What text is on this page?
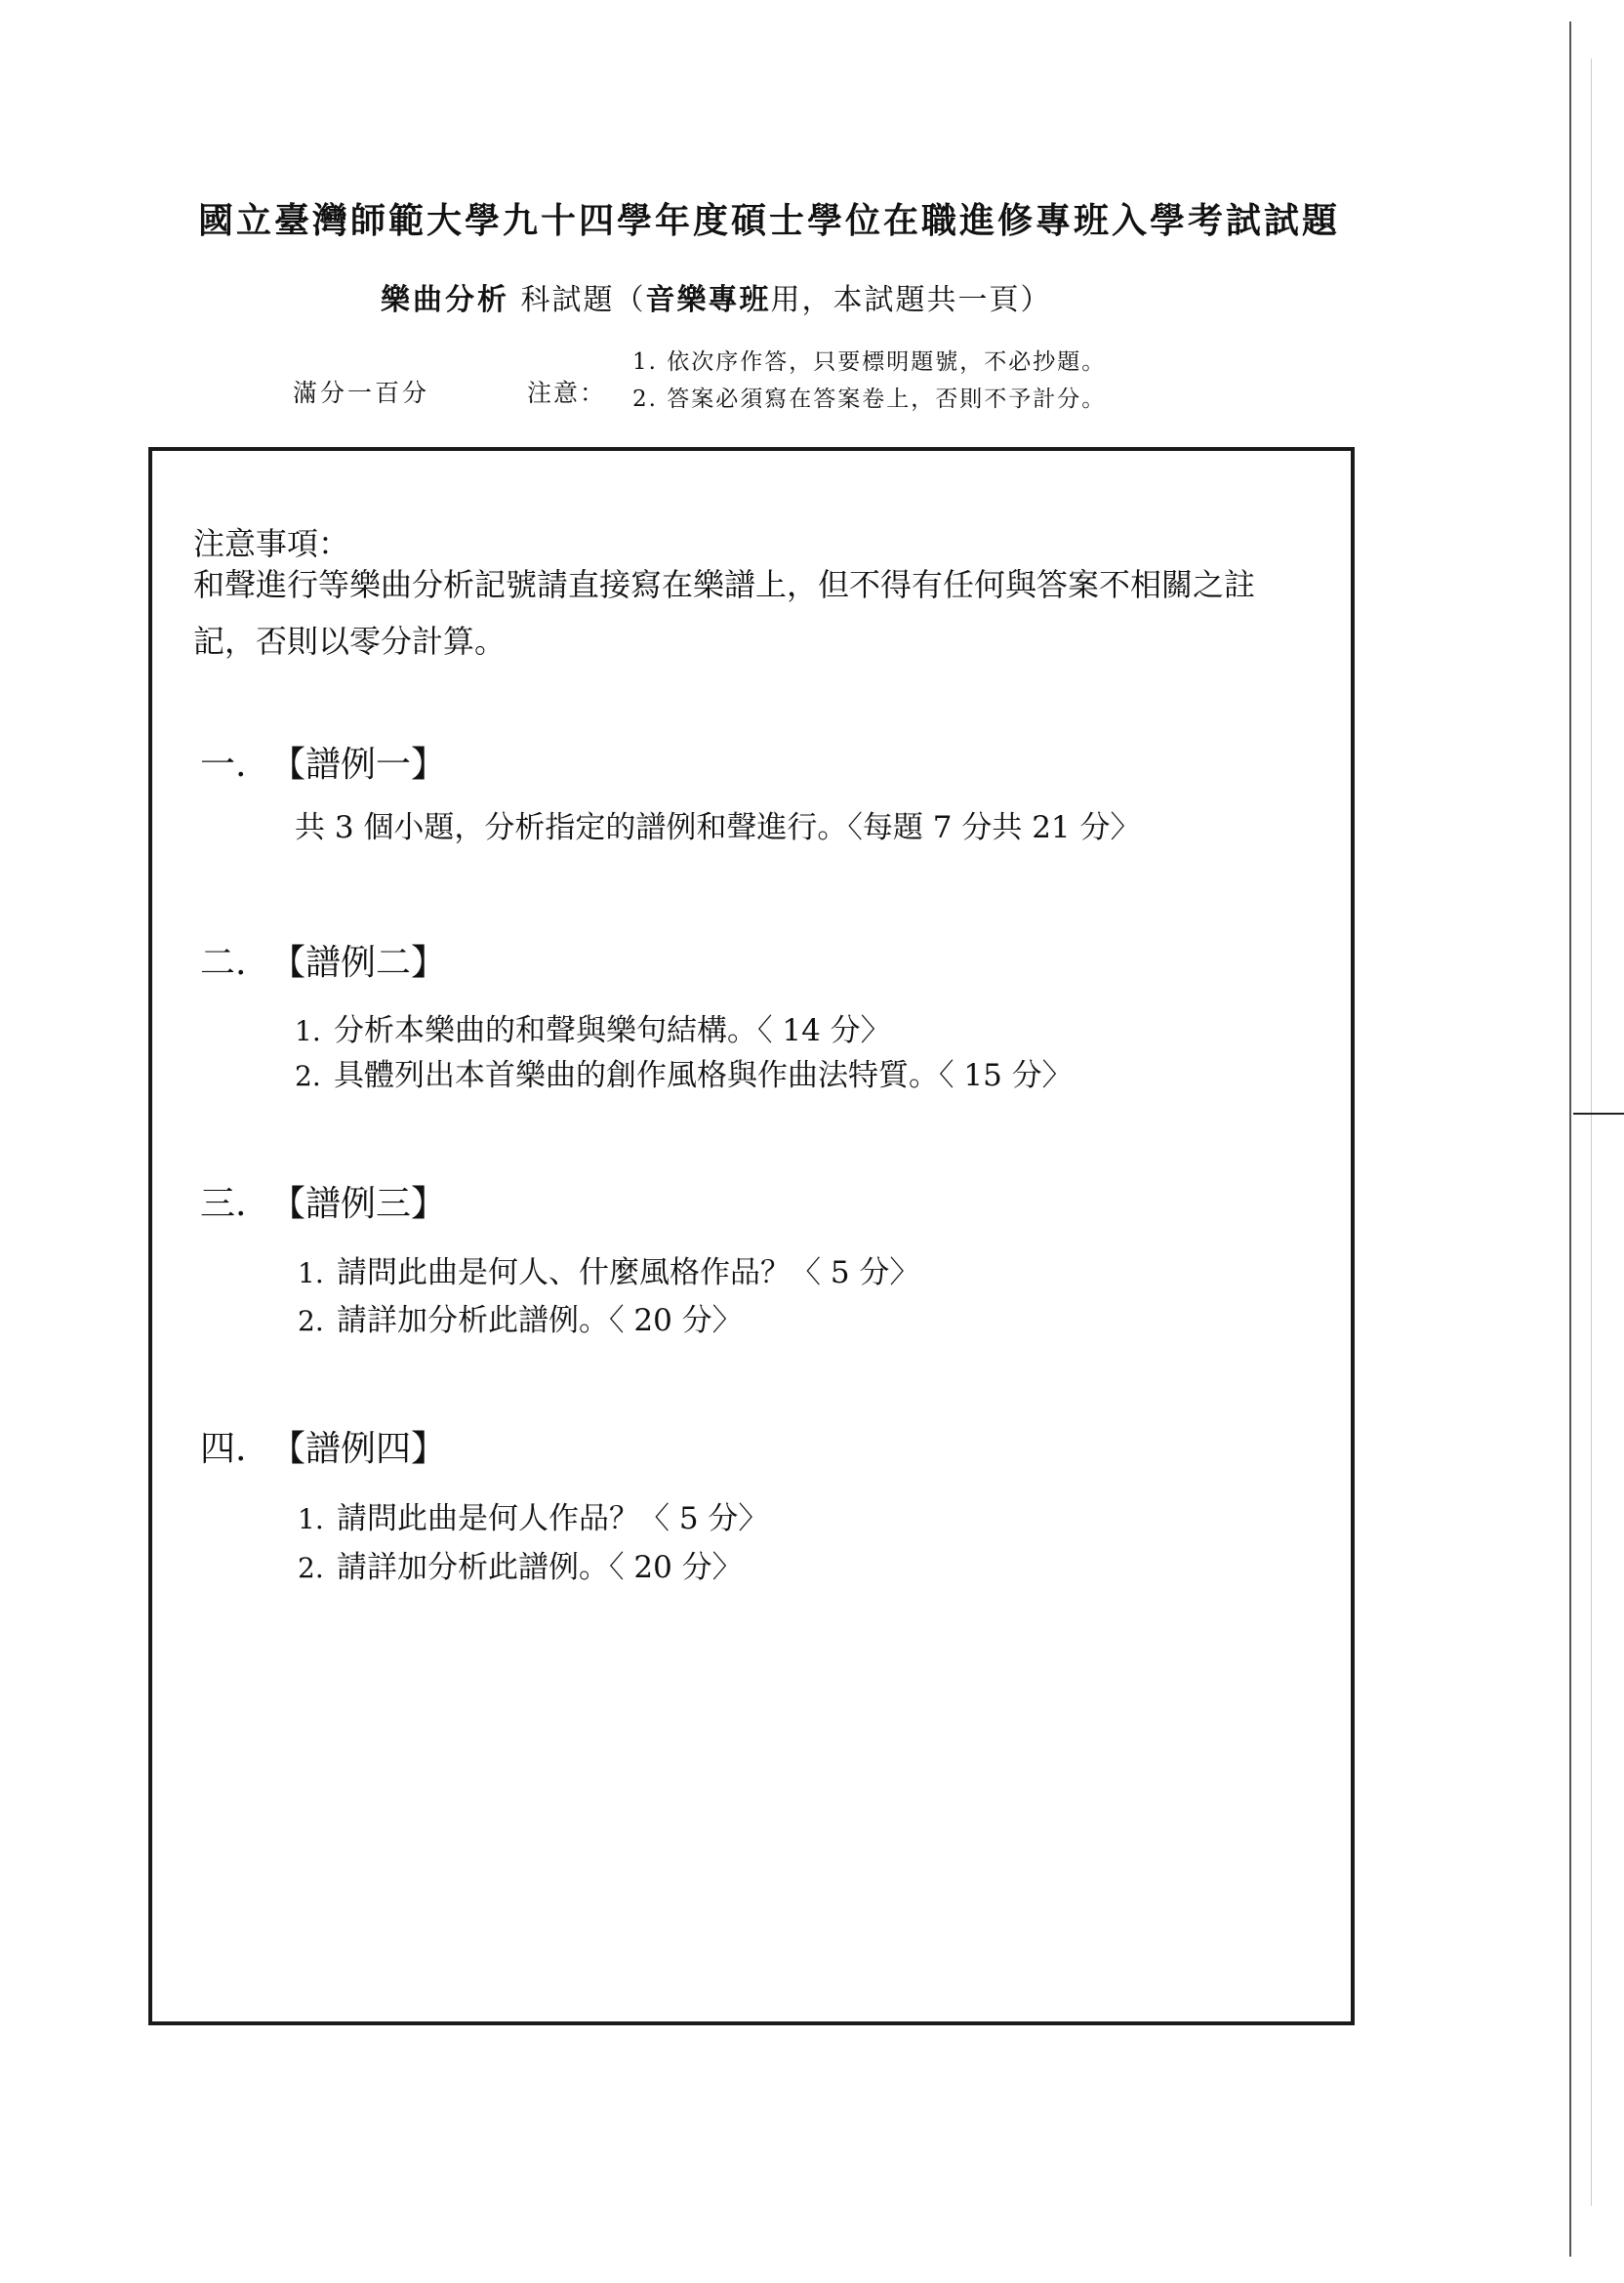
國立臺灣師範大學九十四學年度碩士學位在職進修專班入學考試試題
樂曲分析 科試題（音樂專班用，本試題共一頁）
滿分一百分	注意：
1. 依次序作答，只要標明題號，不必抄題。
2. 答案必須寫在答案卷上，否則不予計分。
注意事項：
和聲進行等樂曲分析記號請直接寫在樂譜上，但不得有任何與答案不相關之註記，否則以零分計算。
一. 【譜例一】
共 3 個小題，分析指定的譜例和聲進行。〈每題 7 分共 21 分〉
二. 【譜例二】
1. 分析本樂曲的和聲與樂句結構。〈 14 分〉
2. 具體列出本首樂曲的創作風格與作曲法特質。〈 15 分〉
三. 【譜例三】
1. 請問此曲是何人、什麼風格作品？〈 5 分〉
2. 請詳加分析此譜例。〈 20 分〉
四. 【譜例四】
1. 請問此曲是何人作品？〈 5 分〉
2. 請詳加分析此譜例。〈 20 分〉
